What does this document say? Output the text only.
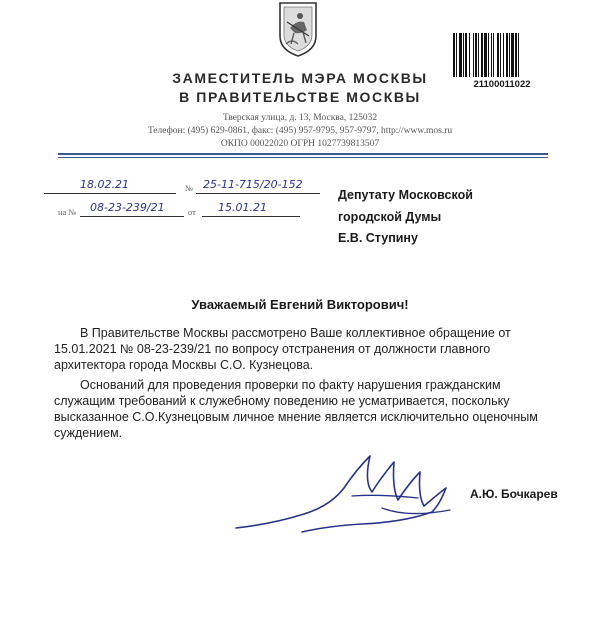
ЗАМЕСТИТЕЛЬ МЭРА МОСКВЫ
В ПРАВИТЕЛЬСТВЕ МОСКВЫ
Тверская улица, д. 13, Москва, 125032
Телефон: (495) 629-0861, факс: (495) 957-9795, 957-9797, http://www.mos.ru
ОКПО 00022020 ОГРН 1027739813507
21100011022
18.02.21	№ 25-11-715/20-152
на № 08-23-239/21	от 15.01.21
Депутату Московской
городской Думы
Е.В. Ступину
Уважаемый Евгений Викторович!
В Правительстве Москвы рассмотрено Ваше коллективное обращение от
15.01.2021 № 08-23-239/21 по вопросу отстранения от должности главного
архитектора города Москвы С.О. Кузнецова.
Оснований для проведения проверки по факту нарушения гражданским
служащим требований к служебному поведению не усматривается, поскольку
высказанное С.О.Кузнецовым личное мнение является исключительно оценочным
суждением.
А.Ю. Бочкарев
